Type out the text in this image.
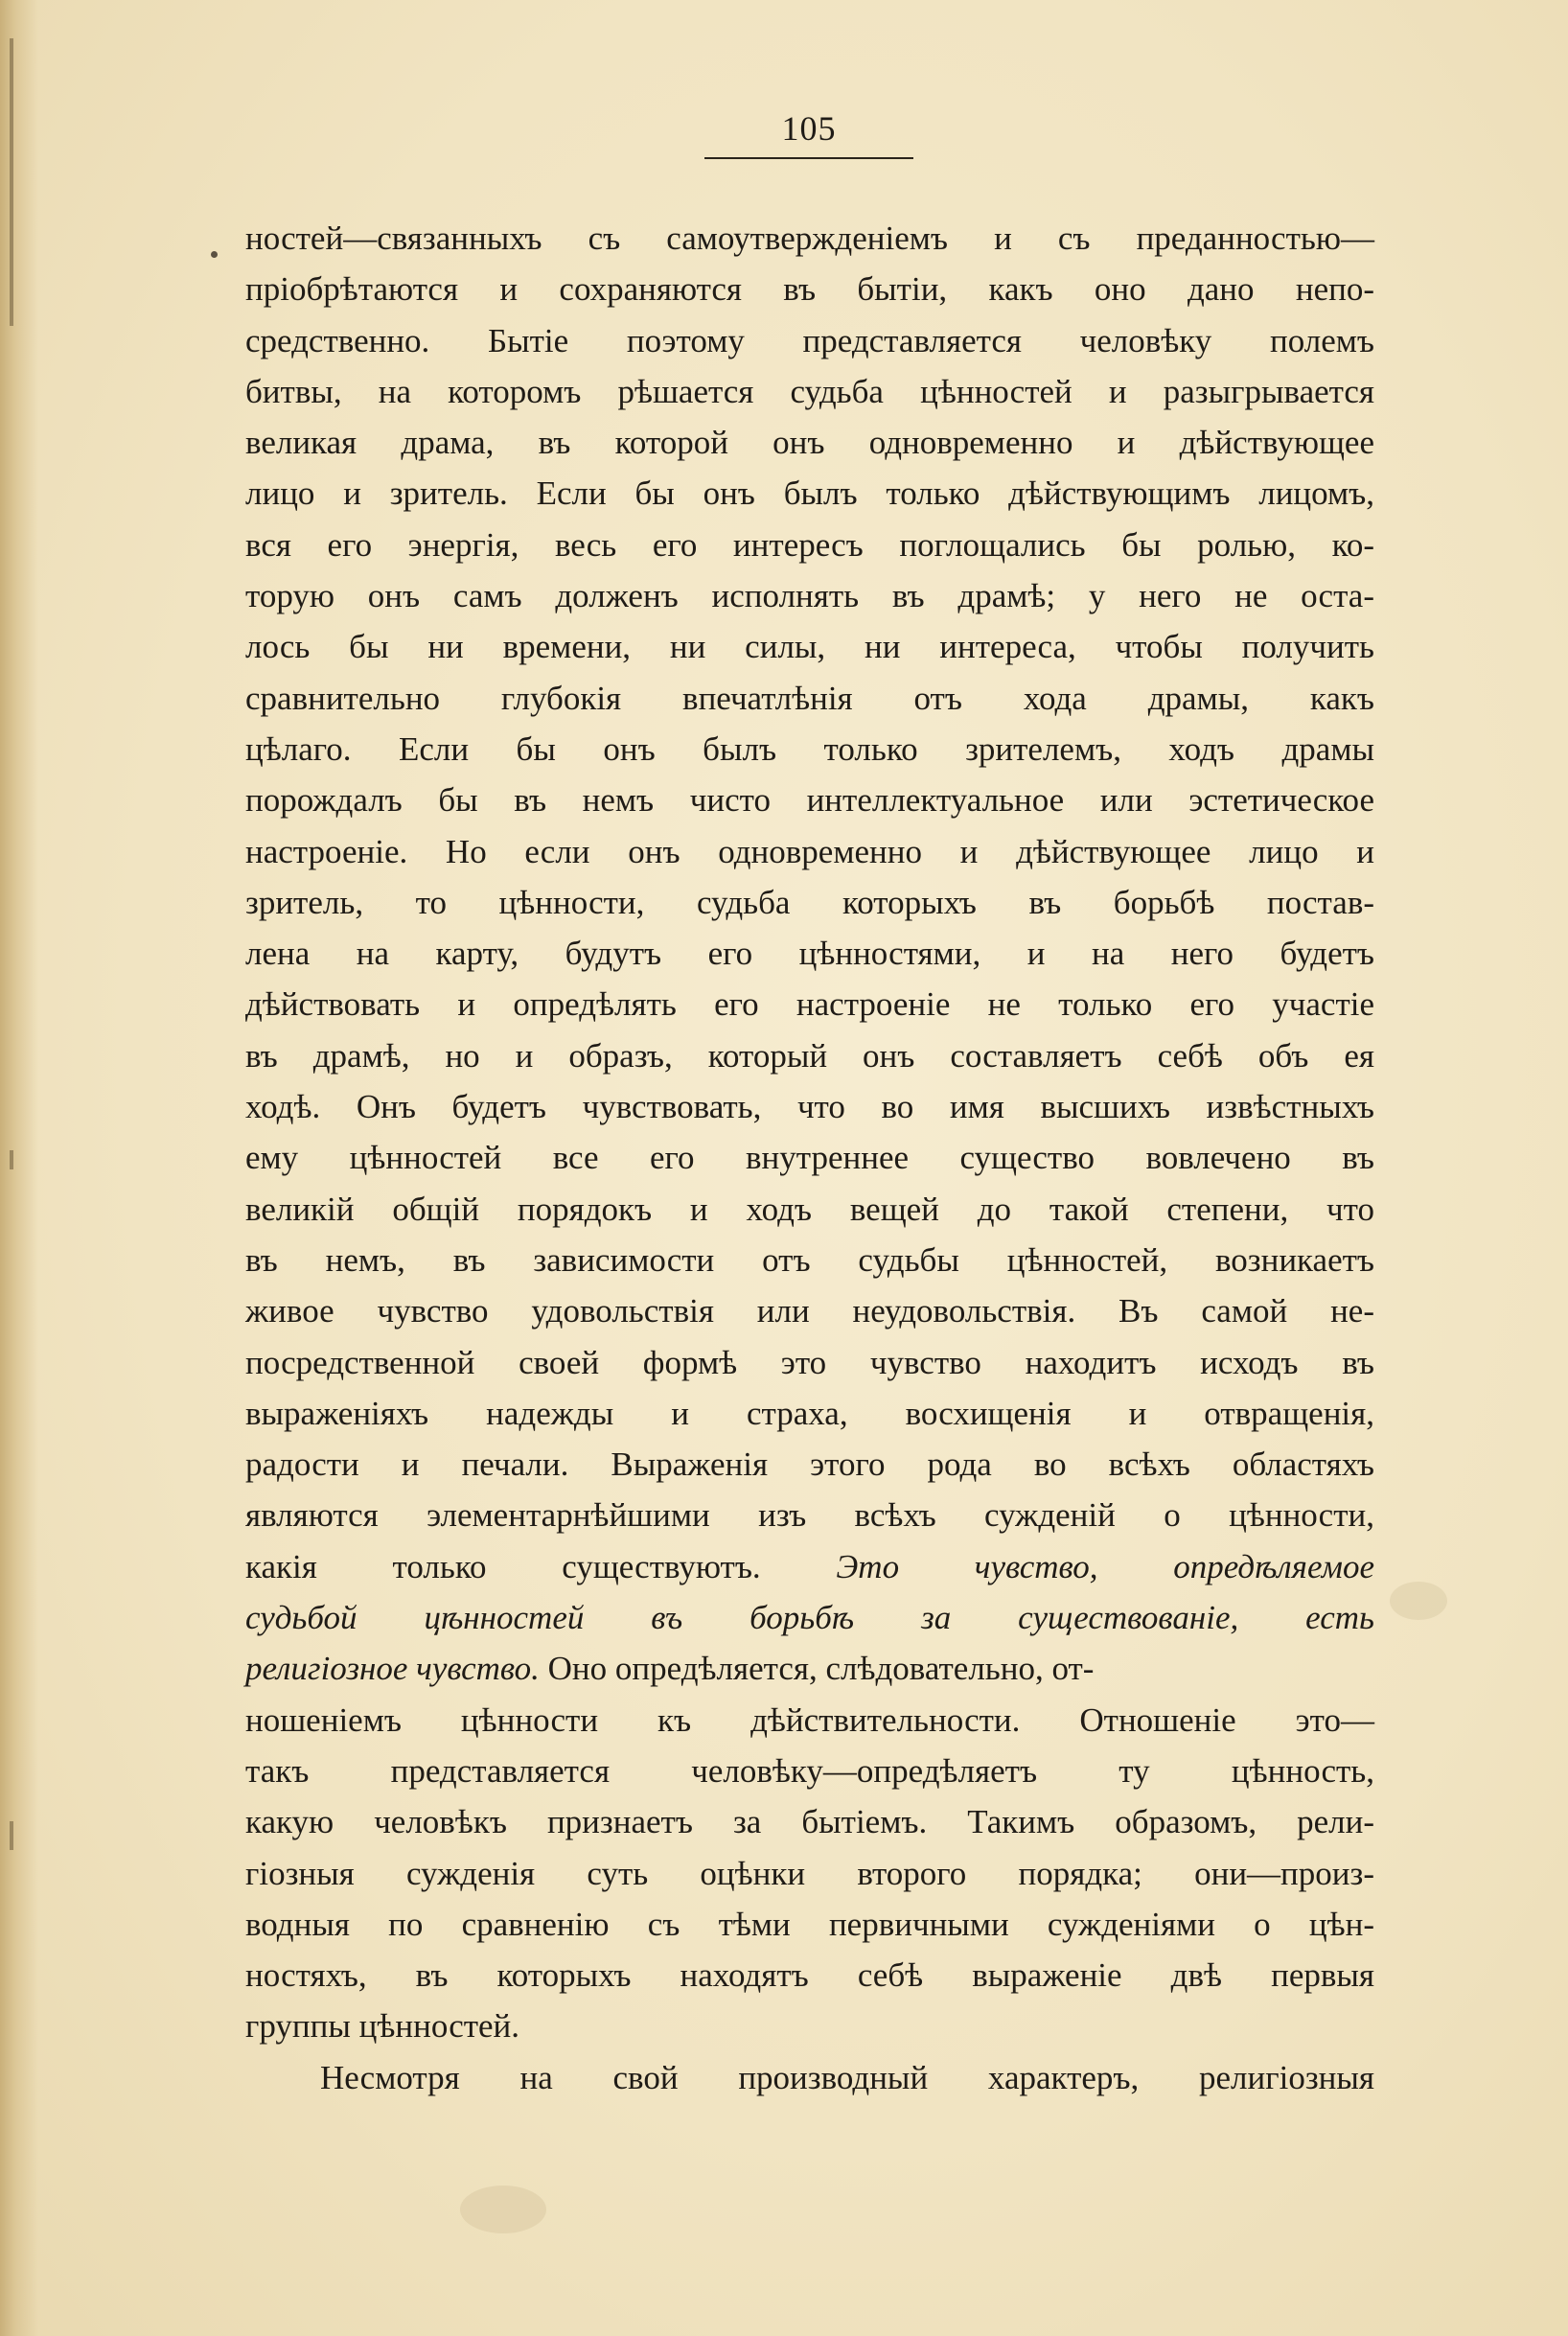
105
ностей—связанныхъ съ самоутвержденіемъ и съ преданностью—
пріобрѣтаются и сохраняются въ бытіи, какъ оно дано непо-
средственно. Бытіе поэтому представляется человѣку полемъ
битвы, на которомъ рѣшается судьба цѣнностей и разыгрывается
великая драма, въ которой онъ одновременно и дѣйствующее
лицо и зритель. Если бы онъ былъ только дѣйствующимъ лицомъ,
вся его энергія, весь его интересъ поглощались бы ролью, ко-
торую онъ самъ долженъ исполнять въ драмѣ; у него не оста-
лось бы ни времени, ни силы, ни интереса, чтобы получить
сравнительно глубокія впечатлѣнія отъ хода драмы, какъ
цѣлаго. Если бы онъ былъ только зрителемъ, ходъ драмы
порождалъ бы въ немъ чисто интеллектуальное или эстетическое
настроеніе. Но если онъ одновременно и дѣйствующее лицо и
зритель, то цѣнности, судьба которыхъ въ борьбѣ постав-
лена на карту, будутъ его цѣнностями, и на него будетъ
дѣйствовать и опредѣлять его настроеніе не только его участіе
въ драмѣ, но и образъ, который онъ составляетъ себѣ объ ея
ходѣ. Онъ будетъ чувствовать, что во имя высшихъ извѣстныхъ
ему цѣнностей все его внутреннее существо вовлечено въ
великій общій порядокъ и ходъ вещей до такой степени, что
въ немъ, въ зависимости отъ судьбы цѣнностей, возникаетъ
живое чувство удовольствія или неудовольствія. Въ самой не-
посредственной своей формѣ это чувство находитъ исходъ въ
выраженіяхъ надежды и страха, восхищенія и отвращенія,
радости и печали. Выраженія этого рода во всѣхъ областяхъ
являются элементарнѣйшими изъ всѣхъ сужденій о цѣнности,
какія только существуютъ. Это чувство, опредѣляемое
судьбой цѣнностей въ борьбѣ за существованіе, есть
религіозное чувство. Оно опредѣляется, слѣдовательно, от-
ношеніемъ цѣнности къ дѣйствительности. Отношеніе это—
такъ представляется человѣку—опредѣляетъ ту цѣнность,
какую человѣкъ признаетъ за бытіемъ. Такимъ образомъ, рели-
гіозныя сужденія суть оцѣнки второго порядка; они—произ-
водныя по сравненію съ тѣми первичными сужденіями о цѣн-
ностяхъ, въ которыхъ находятъ себѣ выраженіе двѣ первыя
группы цѣнностей.
Несмотря на свой производный характеръ, религіозныя
